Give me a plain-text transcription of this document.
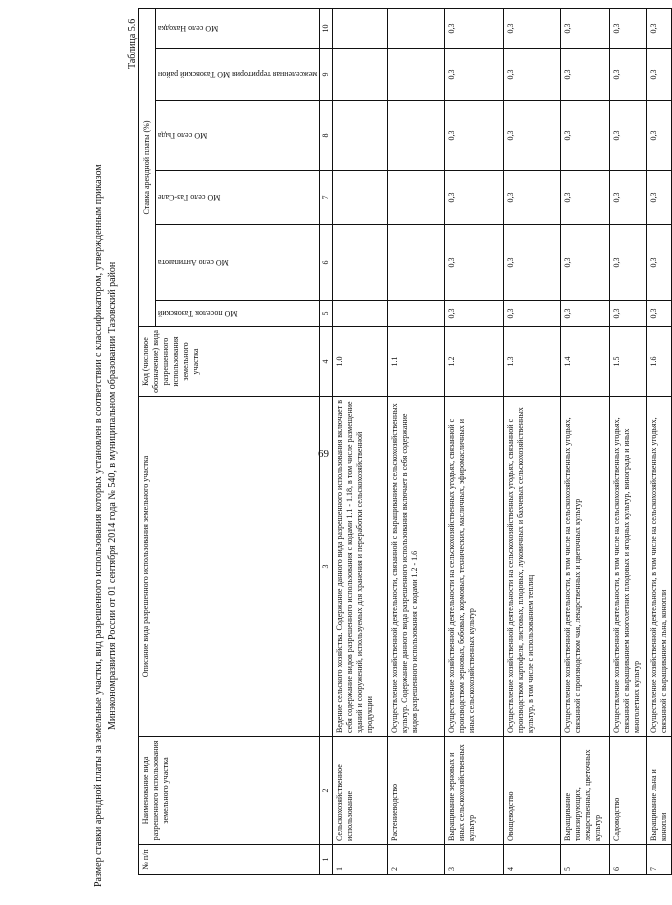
69
Размер ставки арендной платы за земельные участки, вид разрешенного использования которых установлен в соответствии с классификатором, утвержденным приказом Минэкономразвития России от 01 сентября 2014 года № 540, в муниципальном образовании Тазовский район
Таблица 5.6
№ п/п	Наименование вида разрешенного использования земельного участка	Описание вида разрешенного использования земельного участка	Код (числовое обозначение) вида разрешенного использования земельного участка	Ставка арендной платы (%)					

				МО поселок Тазовский	МО село Антипаюта	МО село Газ-Сале	МО село Гыда	межселенная территория МО Тазовский район	МО село Находка

1	2	3	4	5	6	7	8	9	10
1	Сельскохозяйственное использование	Ведение сельского хозяйства. Содержание данного вида разрешенного использования включает в себя содержание видов разрешенного использования с кодами 1.1 - 1.18, в том числе размещение зданий и сооружений, используемых для хранения и переработки сельскохозяйственной продукции	1.0						
2	Растениеводство	Осуществление хозяйственной деятельности, связанной с выращиванием сельскохозяйственных культур. Содержание данного вида разрешенного использования включает в себя содержание видов разрешенного использования с кодами 1.2 - 1.6	1.1						
3	Выращивание зерновых и иных сельскохозяйственных культур	Осуществление хозяйственной деятельности на сельскохозяйственных угодьях, связанной с производством зерновых, бобовых, кормовых, технических, масличных, эфиромасличных и иных сельскохозяйственных культур	1.2	0,3	0,3	0,3	0,3	0,3	0,3
4	Овощеводство	Осуществление хозяйственной деятельности на сельскохозяйственных угодьях, связанной с производством картофеля, листовых, плодовых, луковичных и бахчевых сельскохозяйственных культур, в том числе с использованием теплиц	1.3	0,3	0,3	0,3	0,3	0,3	0,3
5	Выращивание тонизирующих, лекарственных, цветочных культур	Осуществление хозяйственной деятельности, в том числе на сельскохозяйственных угодьях, связанной с производством чая, лекарственных и цветочных культур	1.4	0,3	0,3	0,3	0,3	0,3	0,3
6	Садоводство	Осуществление хозяйственной деятельности, в том числе на сельскохозяйственных угодьях, связанной с выращиванием многолетних плодовых и ягодных культур, винограда и иных многолетних культур	1.5	0,3	0,3	0,3	0,3	0,3	0,3
7	Выращивание льна и конопли	Осуществление хозяйственной деятельности, в том числе на сельскохозяйственных угодьях, связанной с выращиванием льна, конопли	1.6	0,3	0,3	0,3	0,3	0,3	0,3
